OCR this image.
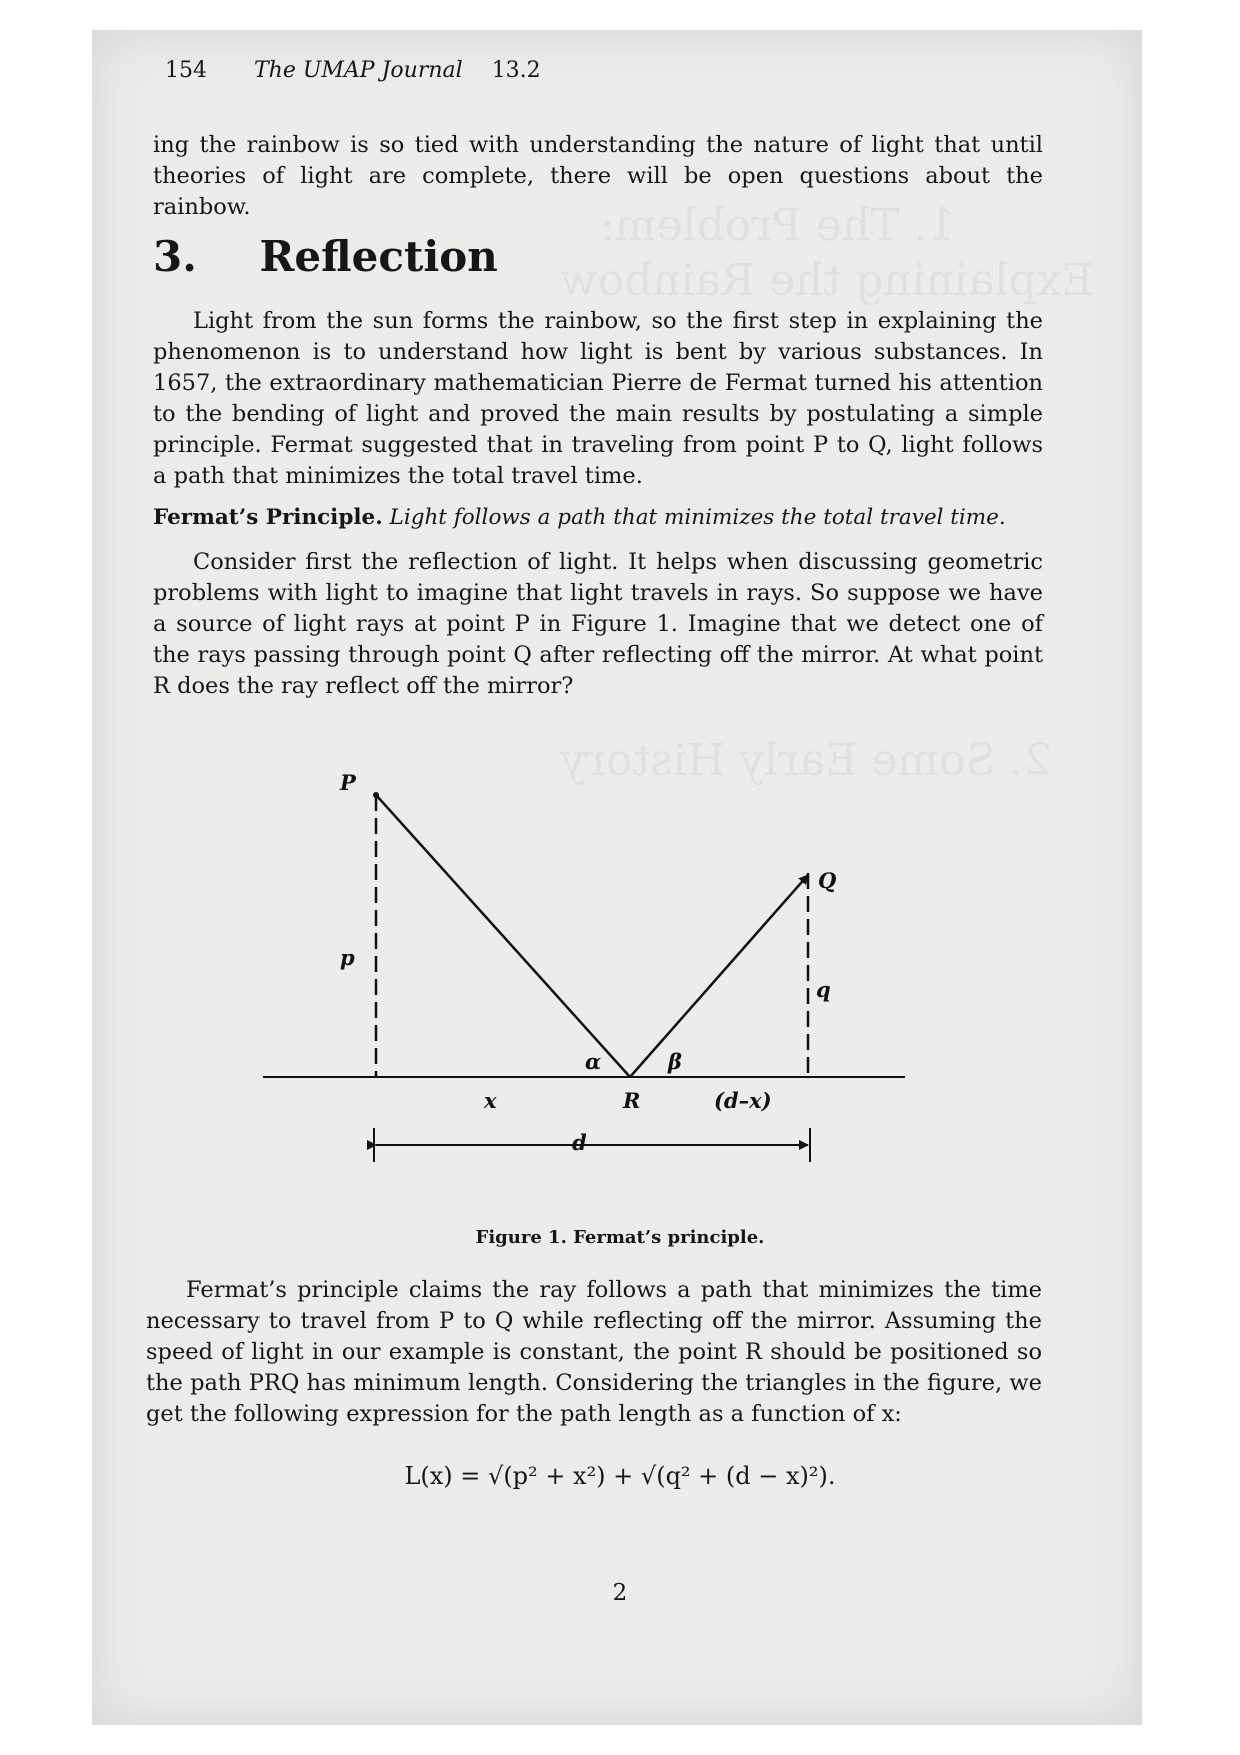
1. The Problem:
Explaining the Rainbow
2. Some Early History
154 The UMAP Journal 13.2

ing the rainbow is so tied with understanding the nature of light that until theories of light are complete, there will be open questions about the rainbow.

3. Reflection

Light from the sun forms the rainbow, so the first step in explaining the phenomenon is to understand how light is bent by various substances. In 1657, the extraordinary mathematician Pierre de Fermat turned his attention to the bending of light and proved the main results by postulating a simple principle. Fermat suggested that in traveling from point P to Q, light follows a path that minimizes the total travel time.

Fermat’s Principle. Light follows a path that minimizes the total travel time.

Consider first the reflection of light. It helps when discussing geometric problems with light to imagine that light travels in rays. So suppose we have a source of light rays at point P in Figure 1. Imagine that we detect one of the rays passing through point Q after reflecting off the mirror. At what point R does the ray reflect off the mirror?

P
Q
p
q
x	R	(d–x)
d
α	β
Figure 1. Fermat’s principle.

Fermat’s principle claims the ray follows a path that minimizes the time necessary to travel from P to Q while reflecting off the mirror. Assuming the speed of light in our example is constant, the point R should be positioned so the path PRQ has minimum length. Considering the triangles in the figure, we get the following expression for the path length as a function of x:

L(x) = √(p² + x²) + √(q² + (d − x)²).
2
